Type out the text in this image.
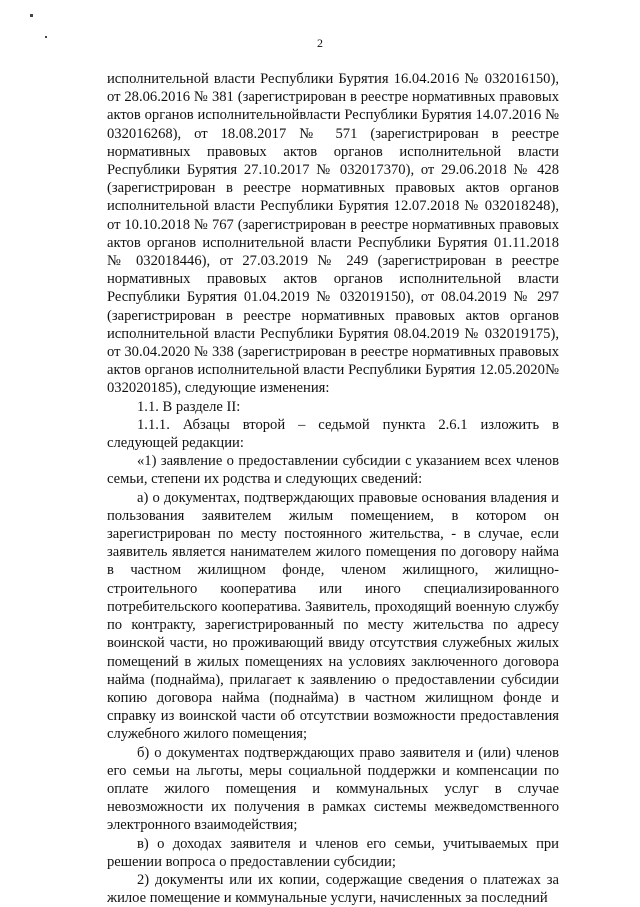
2

исполнительной власти Республики Бурятия 16.04.2016 № 032016150), от 28.06.2016 № 381 (зарегистрирован в реестре нормативных правовых актов органов исполнительнойвласти Республики Бурятия 14.07.2016 № 032016268), от 18.08.2017 № 571 (зарегистрирован в реестре нормативных правовых актов органов исполнительной власти Республики Бурятия 27.10.2017 № 032017370), от 29.06.2018 № 428 (зарегистрирован в реестре нормативных правовых актов органов исполнительной власти Республики Бурятия 12.07.2018 № 032018248), от 10.10.2018 № 767 (зарегистрирован в реестре нормативных правовых актов органов исполнительной власти Республики Бурятия 01.11.2018 № 032018446), от 27.03.2019 № 249 (зарегистрирован в реестре нормативных правовых актов органов исполнительной власти Республики Бурятия 01.04.2019 № 032019150), от 08.04.2019 № 297 (зарегистрирован в реестре нормативных правовых актов органов исполнительной власти Республики Бурятия 08.04.2019 № 032019175), от 30.04.2020 № 338 (зарегистрирован в реестре нормативных правовых актов органов исполнительной власти Республики Бурятия 12.05.2020№ 032020185), следующие изменения:

1.1. В разделе II:

1.1.1. Абзацы второй – седьмой пункта 2.6.1 изложить в следующей редакции:

«1) заявление о предоставлении субсидии с указанием всех членов семьи, степени их родства и следующих сведений:

а) о документах, подтверждающих правовые основания владения и пользования заявителем жилым помещением, в котором он зарегистрирован по месту постоянного жительства, - в случае, если заявитель является нанимателем жилого помещения по договору найма в частном жилищном фонде, членом жилищного, жилищно-строительного кооператива или иного специализированного потребительского кооператива. Заявитель, проходящий военную службу по контракту, зарегистрированный по месту жительства по адресу воинской части, но проживающий ввиду отсутствия служебных жилых помещений в жилых помещениях на условиях заключенного договора найма (поднайма), прилагает к заявлению о предоставлении субсидии копию договора найма (поднайма) в частном жилищном фонде и справку из воинской части об отсутствии возможности предоставления служебного жилого помещения;

б) о документах подтверждающих право заявителя и (или) членов его семьи на льготы, меры социальной поддержки и компенсации по оплате жилого помещения и коммунальных услуг в случае невозможности их получения в рамках системы межведомственного электронного взаимодействия;

в) о доходах заявителя и членов его семьи, учитываемых при решении вопроса о предоставлении субсидии;

2) документы или их копии, содержащие сведения о платежах за жилое помещение и коммунальные услуги, начисленных за последний
